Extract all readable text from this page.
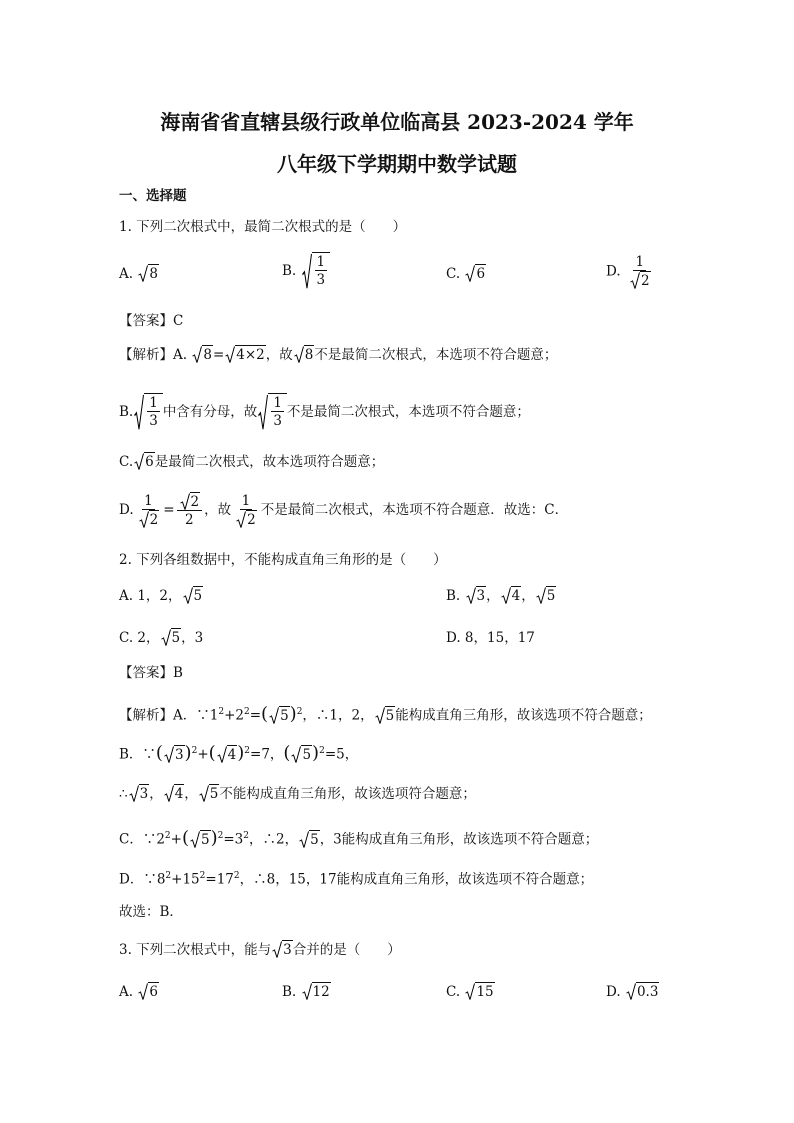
海南省省直辖县级行政单位临高县 2023-2024 学年
八年级下学期期中数学试题
一、选择题
1. 下列二次根式中，最简二次根式的是（　　）
A. 8	B. $\frac{1}{3}$	C. 6	D. $\frac{1}{2}$
【答案】C
【解析】A. 8= 4×2，故 8不是最简二次根式，本选项不符合题意；
B. $\frac{1}{3}$ 中含有分母，故 $\frac{1}{3}$ 不是最简二次根式，本选项不符合题意；
C. 6是最简二次根式，故本选项符合题意；
D. $\frac{1}{2} = \frac{2}{2}$ ，故 $\frac{1}{2}$ 不是最简二次根式，本选项不符合题意．故选：C．
2. 下列各组数据中，不能构成直角三角形的是（　　）
A. 1，2， 5	B. 3， 4， 5
C. 2， 5，3	D. 8，15，17
【答案】B
【解析】A．$\because 1^2+2^2=$( 5)$^2$，∴1，2， 5能构成直角三角形，故该选项不符合题意；
B．∵( 3)$^2$+( 4)$^2$=7，( 5)$^2$=5，
∴ 3， 4， 5不能构成直角三角形，故该选项符合题意；
C．$\because 2^2+$( $5)^2=3^2$，∴2， 5，3能构成直角三角形，故该选项不符合题意；
D．$\because 8^2+15^2=17^2$，∴8，15，17能构成直角三角形，故该选项不符合题意；
故选：B．
3. 下列二次根式中，能与 3合并的是（　　）
A. 6	B. 12	C. 15	D. 0.3
